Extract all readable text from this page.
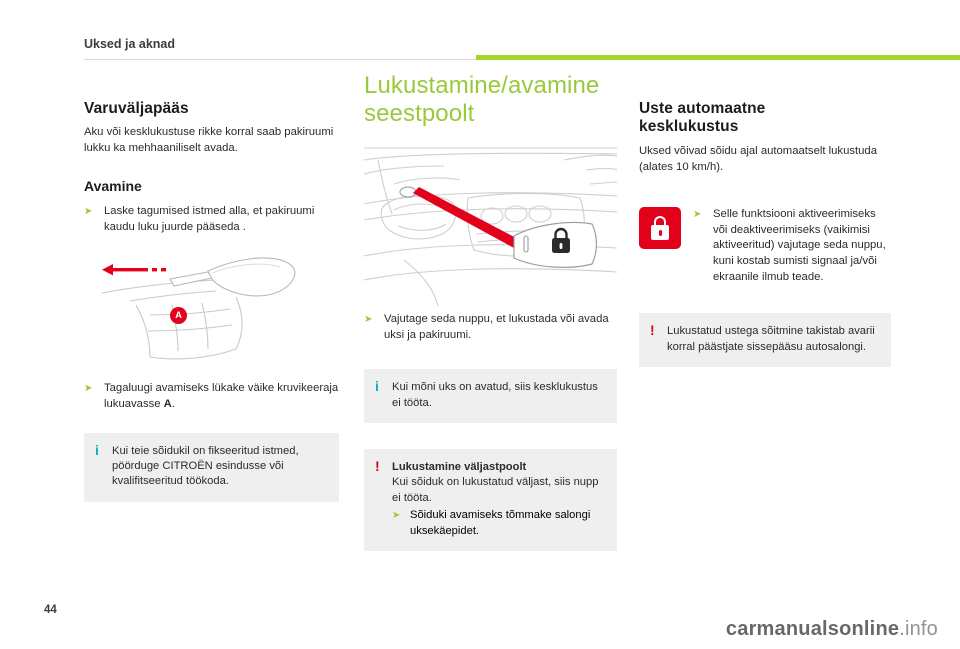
Uksed ja aknad
Varuväljapääs

Aku või kesklukustuse rikke korral saab pakiruumi lukku ka mehhaaniliselt avada.

Avamine
➤	Laske tagumised istmed alla, et pakiruumi kaudu luku juurde pääseda .
A
➤	Tagaluugi avamiseks lükake väike kruvikeeraja lukuavasse A.
i Kui teie sõidukil on fikseeritud istmed, pöörduge CITROËN esindusse või kvalifitseeritud töökoda.

Lukustamine/avamine seestpoolt
➤	Vajutage seda nuppu, et lukustada või avada uksi ja pakiruumi.
i Kui mõni uks on avatud, siis kesklukustus ei tööta.

! Lukustamine väljastpoolt

Kui sõiduk on lukustatud väljast, siis nupp ei tööta.

➤ Sõiduki avamiseks tõmmake salongi uksekäepidet.
Uste automaatne
kesklukustus

Uksed võivad sõidu ajal automaatselt lukustuda (alates 10 km/h).

➤	Selle funktsiooni aktiveerimiseks või deaktiveerimiseks (vaikimisi aktiveeritud) vajutage seda nuppu, kuni kostab sumisti signaal ja/või ekraanile ilmub teade.
! Lukustatud ustega sõitmine takistab avarii korral päästjate sissepääsu autosalongi.

44
carmanualsonline.info
